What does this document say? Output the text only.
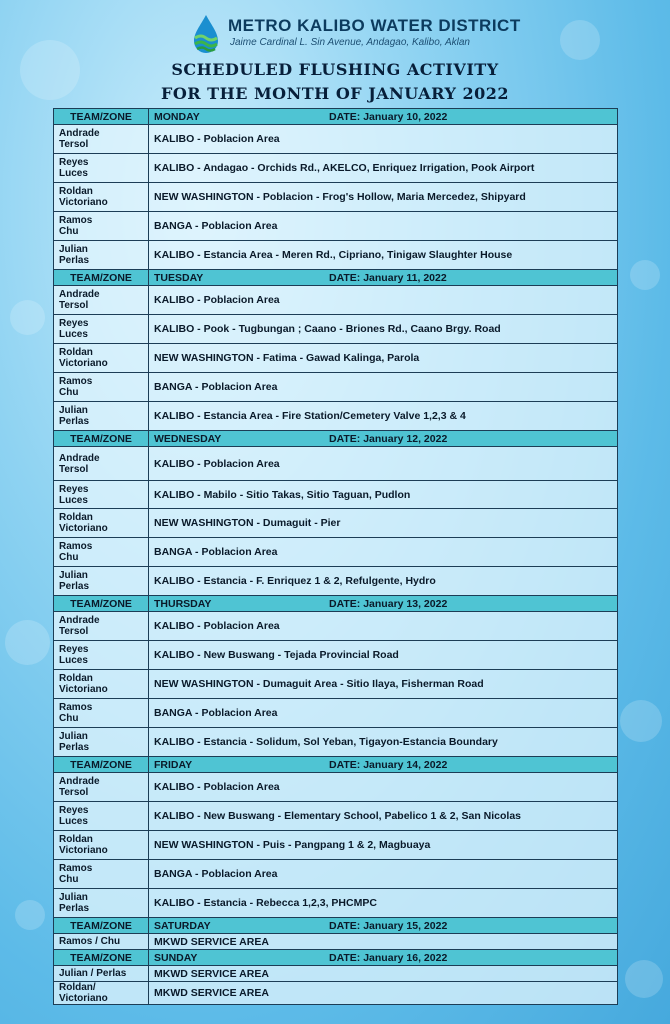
METRO KALIBO WATER DISTRICT
Jaime Cardinal L. Sin Avenue, Andagao, Kalibo, Aklan
SCHEDULED FLUSHING ACTIVITY
FOR THE MONTH OF JANUARY 2022
TEAM/ZONE	MONDAY DATE: January 10, 2022

Andrade
Tersol	KALIBO - Poblacion Area

Reyes
Luces	KALIBO - Andagao - Orchids Rd., AKELCO, Enriquez Irrigation, Pook Airport

Roldan
Victoriano	NEW WASHINGTON - Poblacion - Frog's Hollow, Maria Mercedez, Shipyard

Ramos
Chu	BANGA - Poblacion Area

Julian
Perlas	KALIBO - Estancia Area - Meren Rd., Cipriano, Tinigaw Slaughter House
TEAM/ZONE	TUESDAY DATE: January 11, 2022

Andrade
Tersol	KALIBO - Poblacion Area

Reyes
Luces	KALIBO - Pook - Tugbungan ; Caano - Briones Rd., Caano Brgy. Road

Roldan
Victoriano	NEW WASHINGTON - Fatima - Gawad Kalinga, Parola

Ramos
Chu	BANGA - Poblacion Area

Julian
Perlas	KALIBO - Estancia Area - Fire Station/Cemetery Valve 1,2,3 & 4
TEAM/ZONE	WEDNESDAY DATE: January 12, 2022

Andrade
Tersol	KALIBO - Poblacion Area

Reyes
Luces	KALIBO - Mabilo - Sitio Takas, Sitio Taguan, Pudlon

Roldan
Victoriano	NEW WASHINGTON - Dumaguit - Pier

Ramos
Chu	BANGA - Poblacion Area

Julian
Perlas	KALIBO - Estancia - F. Enriquez 1 & 2, Refulgente, Hydro
TEAM/ZONE	THURSDAY DATE: January 13, 2022

Andrade
Tersol	KALIBO - Poblacion Area

Reyes
Luces	KALIBO - New Buswang - Tejada Provincial Road

Roldan
Victoriano	NEW WASHINGTON - Dumaguit Area - Sitio Ilaya, Fisherman Road

Ramos
Chu	BANGA - Poblacion Area

Julian
Perlas	KALIBO - Estancia - Solidum, Sol Yeban, Tigayon-Estancia Boundary
TEAM/ZONE	FRIDAY DATE: January 14, 2022

Andrade
Tersol	KALIBO - Poblacion Area

Reyes
Luces	KALIBO - New Buswang - Elementary School, Pabelico 1 & 2, San Nicolas

Roldan
Victoriano	NEW WASHINGTON - Puis - Pangpang 1 & 2, Magbuaya

Ramos
Chu	BANGA - Poblacion Area

Julian
Perlas	KALIBO - Estancia - Rebecca 1,2,3, PHCMPC
TEAM/ZONE	SATURDAY DATE: January 15, 2022

Ramos / Chu	MKWD SERVICE AREA
TEAM/ZONE	SUNDAY DATE: January 16, 2022

Julian / Perlas	MKWD SERVICE AREA

Roldan/ Victoriano	MKWD SERVICE AREA
